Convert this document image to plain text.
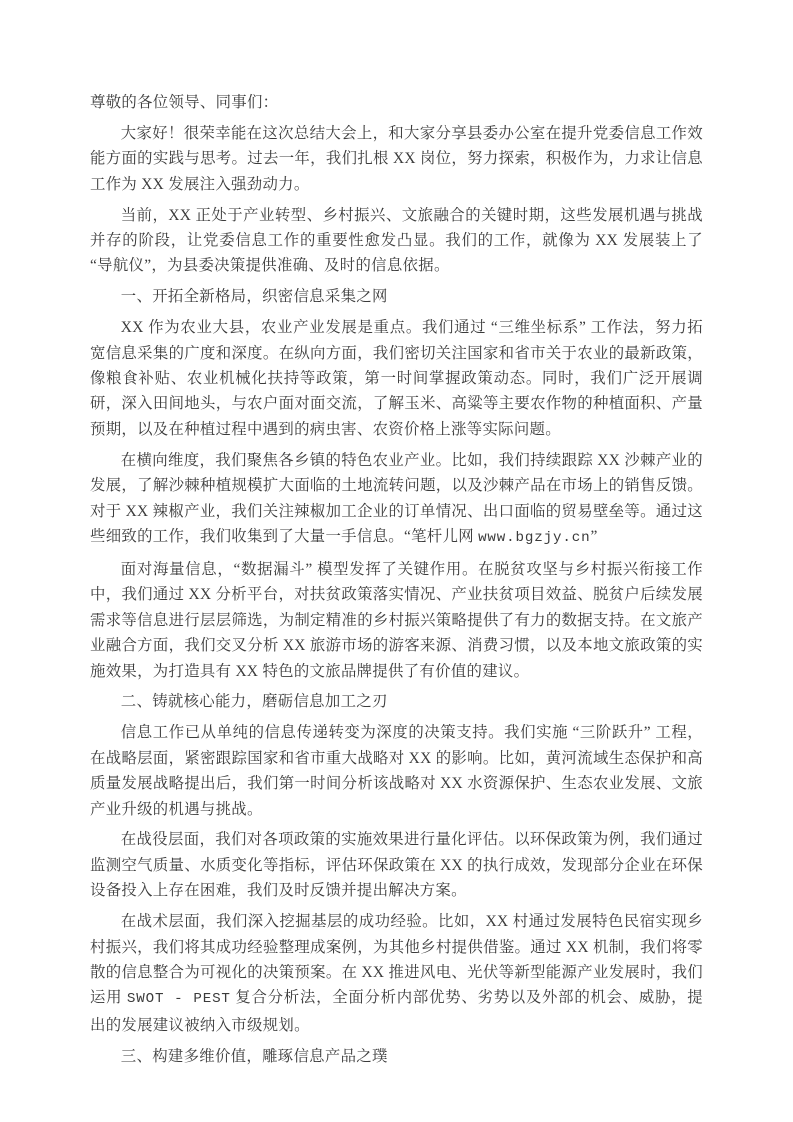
尊敬的各位领导、同事们：

大家好！很荣幸能在这次总结大会上，和大家分享县委办公室在提升党委信息工作效能方面的实践与思考。过去一年，我们扎根 XX 岗位，努力探索，积极作为，力求让信息工作为 XX 发展注入强劲动力。

当前，XX 正处于产业转型、乡村振兴、文旅融合的关键时期，这些发展机遇与挑战并存的阶段，让党委信息工作的重要性愈发凸显。我们的工作，就像为 XX 发展装上了 “导航仪”，为县委决策提供准确、及时的信息依据。

一、开拓全新格局，织密信息采集之网

XX 作为农业大县，农业产业发展是重点。我们通过 “三维坐标系” 工作法，努力拓宽信息采集的广度和深度。在纵向方面，我们密切关注国家和省市关于农业的最新政策，像粮食补贴、农业机械化扶持等政策，第一时间掌握政策动态。同时，我们广泛开展调研，深入田间地头，与农户面对面交流，了解玉米、高粱等主要农作物的种植面积、产量预期，以及在种植过程中遇到的病虫害、农资价格上涨等实际问题。

在横向维度，我们聚焦各乡镇的特色农业产业。比如，我们持续跟踪 XX 沙棘产业的发展，了解沙棘种植规模扩大面临的土地流转问题，以及沙棘产品在市场上的销售反馈。对于 XX 辣椒产业，我们关注辣椒加工企业的订单情况、出口面临的贸易壁垒等。通过这些细致的工作，我们收集到了大量一手信息。“笔杆儿网 www.bgzjy.cn”

面对海量信息，“数据漏斗” 模型发挥了关键作用。在脱贫攻坚与乡村振兴衔接工作中，我们通过 XX 分析平台，对扶贫政策落实情况、产业扶贫项目效益、脱贫户后续发展需求等信息进行层层筛选，为制定精准的乡村振兴策略提供了有力的数据支持。在文旅产业融合方面，我们交叉分析 XX 旅游市场的游客来源、消费习惯，以及本地文旅政策的实施效果，为打造具有 XX 特色的文旅品牌提供了有价值的建议。

二、铸就核心能力，磨砺信息加工之刃

信息工作已从单纯的信息传递转变为深度的决策支持。我们实施 “三阶跃升” 工程，在战略层面，紧密跟踪国家和省市重大战略对 XX 的影响。比如，黄河流域生态保护和高质量发展战略提出后，我们第一时间分析该战略对 XX 水资源保护、生态农业发展、文旅产业升级的机遇与挑战。

在战役层面，我们对各项政策的实施效果进行量化评估。以环保政策为例，我们通过监测空气质量、水质变化等指标，评估环保政策在 XX 的执行成效，发现部分企业在环保设备投入上存在困难，我们及时反馈并提出解决方案。

在战术层面，我们深入挖掘基层的成功经验。比如，XX 村通过发展特色民宿实现乡村振兴，我们将其成功经验整理成案例，为其他乡村提供借鉴。通过 XX 机制，我们将零散的信息整合为可视化的决策预案。在 XX 推进风电、光伏等新型能源产业发展时，我们运用 SWOT - PEST 复合分析法，全面分析内部优势、劣势以及外部的机会、威胁，提出的发展建议被纳入市级规划。

三、构建多维价值，雕琢信息产品之璞
